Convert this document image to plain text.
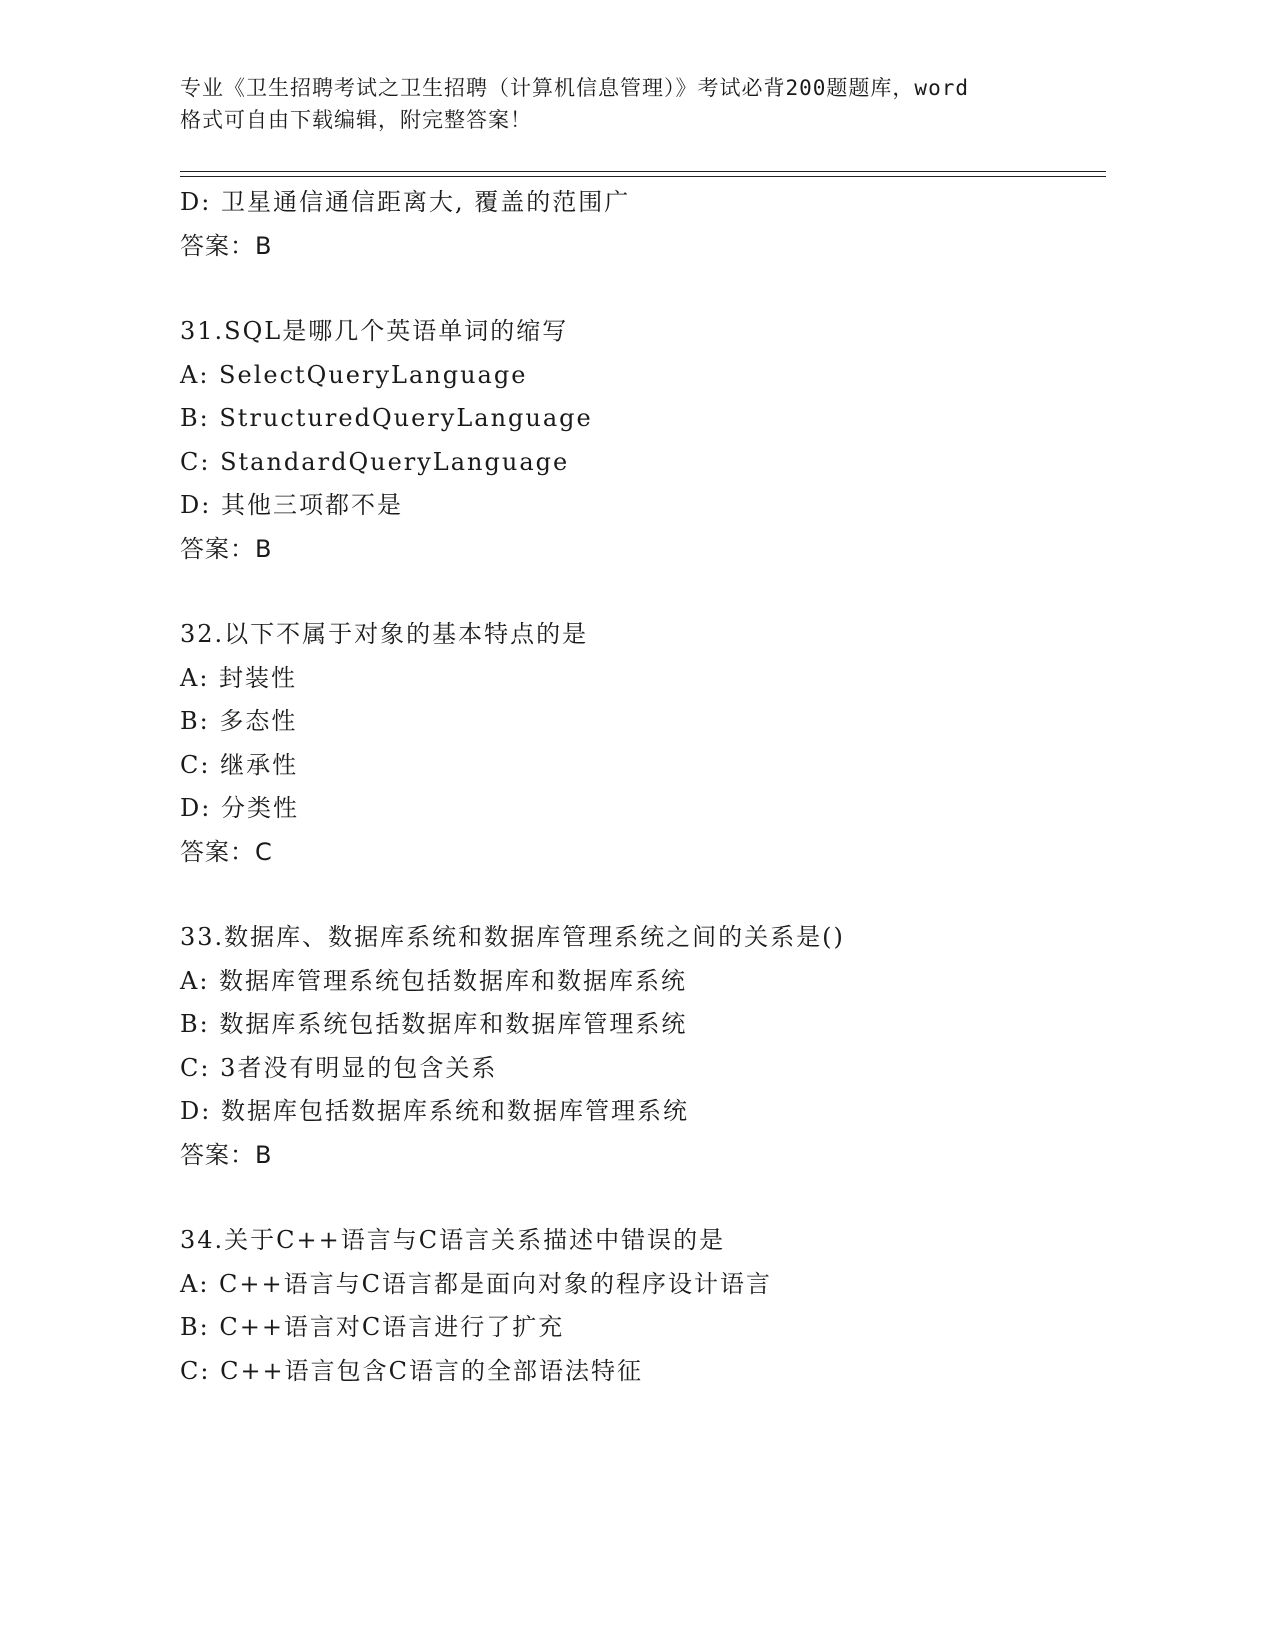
专业《卫生招聘考试之卫生招聘（计算机信息管理）》考试必背200题题库，word
格式可自由下载编辑，附完整答案！
D: 卫星通信通信距离大, 覆盖的范围广
答案：B
31.SQL是哪几个英语单词的缩写
A: SelectQueryLanguage
B: StructuredQueryLanguage
C: StandardQueryLanguage
D: 其他三项都不是
答案：B
32.以下不属于对象的基本特点的是
A: 封装性
B: 多态性
C: 继承性
D: 分类性
答案：C
33.数据库、数据库系统和数据库管理系统之间的关系是()
A: 数据库管理系统包括数据库和数据库系统
B: 数据库系统包括数据库和数据库管理系统
C: 3者没有明显的包含关系
D: 数据库包括数据库系统和数据库管理系统
答案：B
34.关于C++语言与C语言关系描述中错误的是
A: C++语言与C语言都是面向对象的程序设计语言
B: C++语言对C语言进行了扩充
C: C++语言包含C语言的全部语法特征
